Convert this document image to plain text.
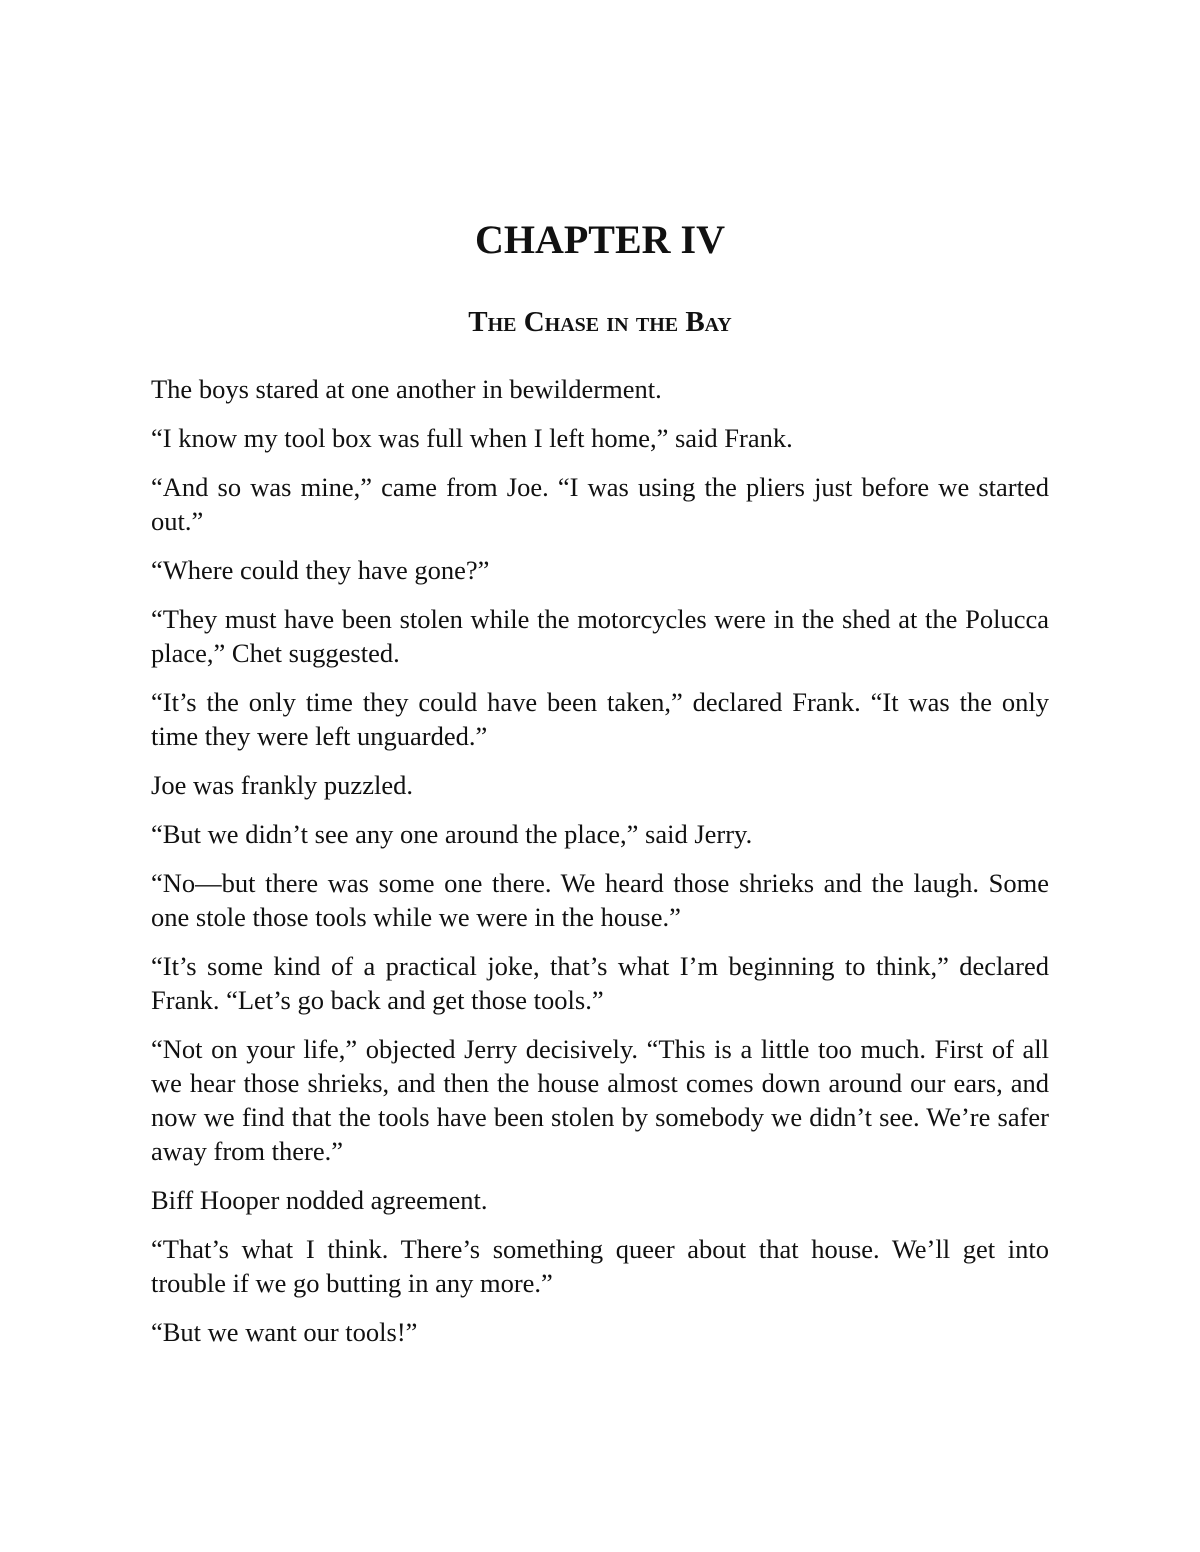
CHAPTER IV
The Chase in the Bay

The boys stared at one another in bewilderment.

“I know my tool box was full when I left home,” said Frank.

“And so was mine,” came from Joe. “I was using the pliers just before we started out.”

“Where could they have gone?”

“They must have been stolen while the motorcycles were in the shed at the Polucca place,” Chet suggested.

“It’s the only time they could have been taken,” declared Frank. “It was the only time they were left unguarded.”

Joe was frankly puzzled.

“But we didn’t see any one around the place,” said Jerry.

“No—but there was some one there. We heard those shrieks and the laugh. Some one stole those tools while we were in the house.”

“It’s some kind of a practical joke, that’s what I’m beginning to think,” declared Frank. “Let’s go back and get those tools.”

“Not on your life,” objected Jerry decisively. “This is a little too much. First of all we hear those shrieks, and then the house almost comes down around our ears, and now we find that the tools have been stolen by somebody we didn’t see. We’re safer away from there.”

Biff Hooper nodded agreement.

“That’s what I think. There’s something queer about that house. We’ll get into trouble if we go butting in any more.”

“But we want our tools!”
